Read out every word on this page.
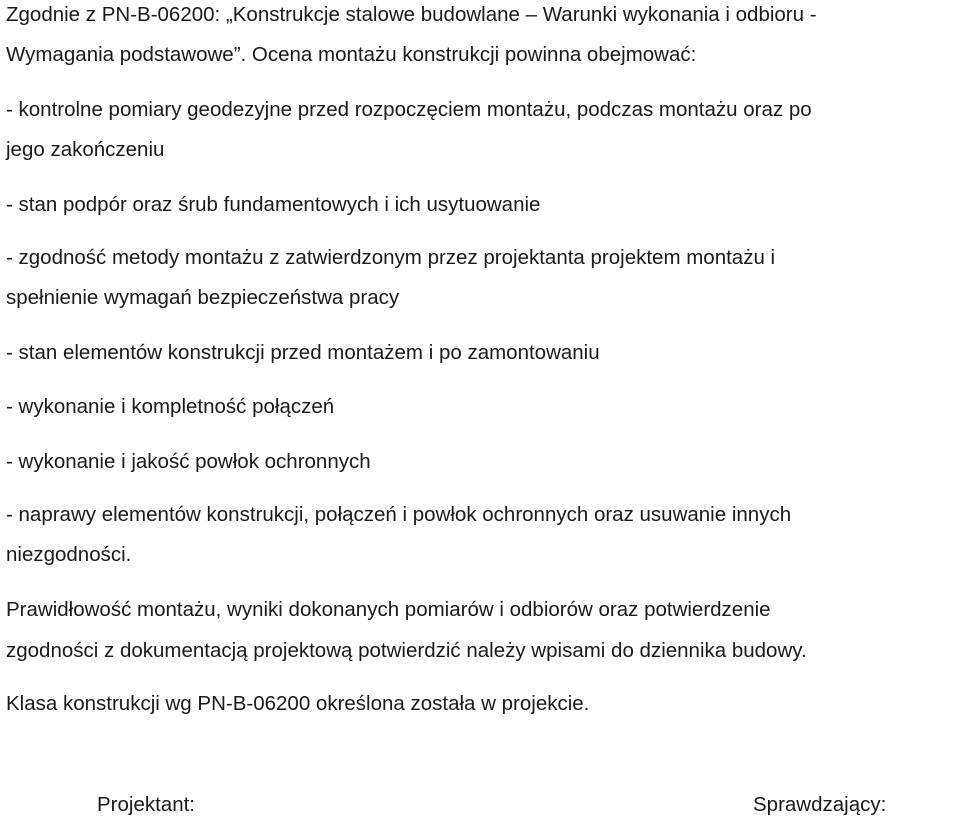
Zgodnie z PN-B-06200: „Konstrukcje stalowe budowlane – Warunki wykonania i odbioru -
Wymagania podstawowe”. Ocena montażu konstrukcji powinna obejmować:
- kontrolne pomiary geodezyjne przed rozpoczęciem montażu, podczas montażu oraz po
jego zakończeniu
- stan podpór oraz śrub fundamentowych i ich usytuowanie
- zgodność metody montażu z zatwierdzonym przez projektanta projektem montażu i
spełnienie wymagań bezpieczeństwa pracy
- stan elementów konstrukcji przed montażem i po zamontowaniu
- wykonanie i kompletność połączeń
- wykonanie i jakość powłok ochronnych
- naprawy elementów konstrukcji, połączeń i powłok ochronnych oraz usuwanie innych
niezgodności.
Prawidłowość montażu, wyniki dokonanych pomiarów i odbiorów oraz potwierdzenie
zgodności z dokumentacją projektową potwierdzić należy wpisami do dziennika budowy.
Klasa konstrukcji wg PN-B-06200 określona została w projekcie.
Projektant:	Sprawdzający:
